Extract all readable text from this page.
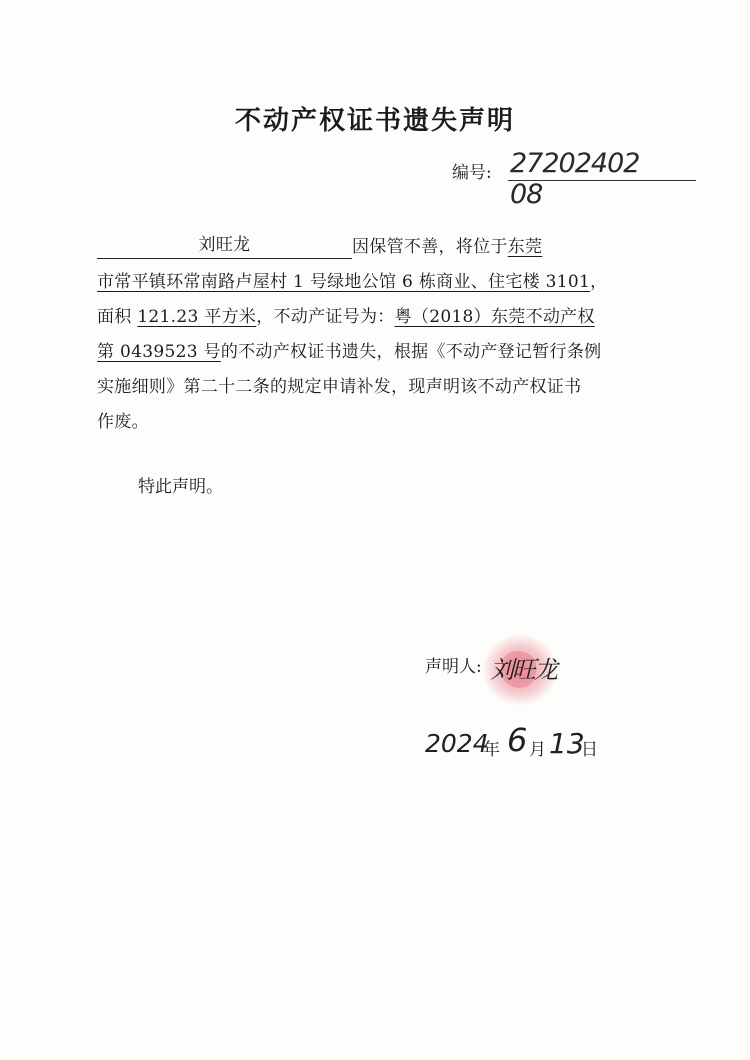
不动产权证书遗失声明
编号: 27202402 08
刘旺龙	因保管不善，将位于东莞
市常平镇环常南路卢屋村 1 号绿地公馆 6 栋商业、住宅楼 3101，
面积 121.23 平方米，不动产证号为：粤（2018）东莞不动产权
第 0439523 号的不动产权证书遗失，根据《不动产登记暂行条例
实施细则》第二十二条的规定申请补发，现声明该不动产权证书
作废。
特此声明。
声明人: 刘旺龙
2024
年 6 月 13
日
